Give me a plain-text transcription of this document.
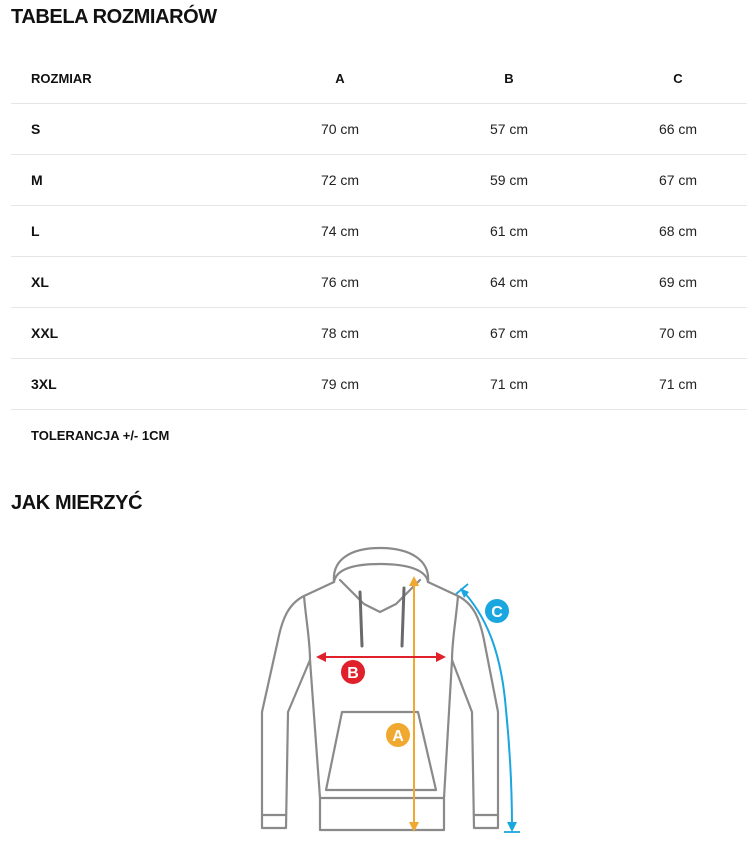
TABELA ROZMIARÓW
ROZMIAR	A	B	C
S	70 cm	57 cm	66 cm
M	72 cm	59 cm	67 cm
L	74 cm	61 cm	68 cm
XL	76 cm	64 cm	69 cm
XXL	78 cm	67 cm	70 cm
3XL	79 cm	71 cm	71 cm
TOLERANCJA +/- 1CM			
JAK MIERZYĆ
A
B
C
